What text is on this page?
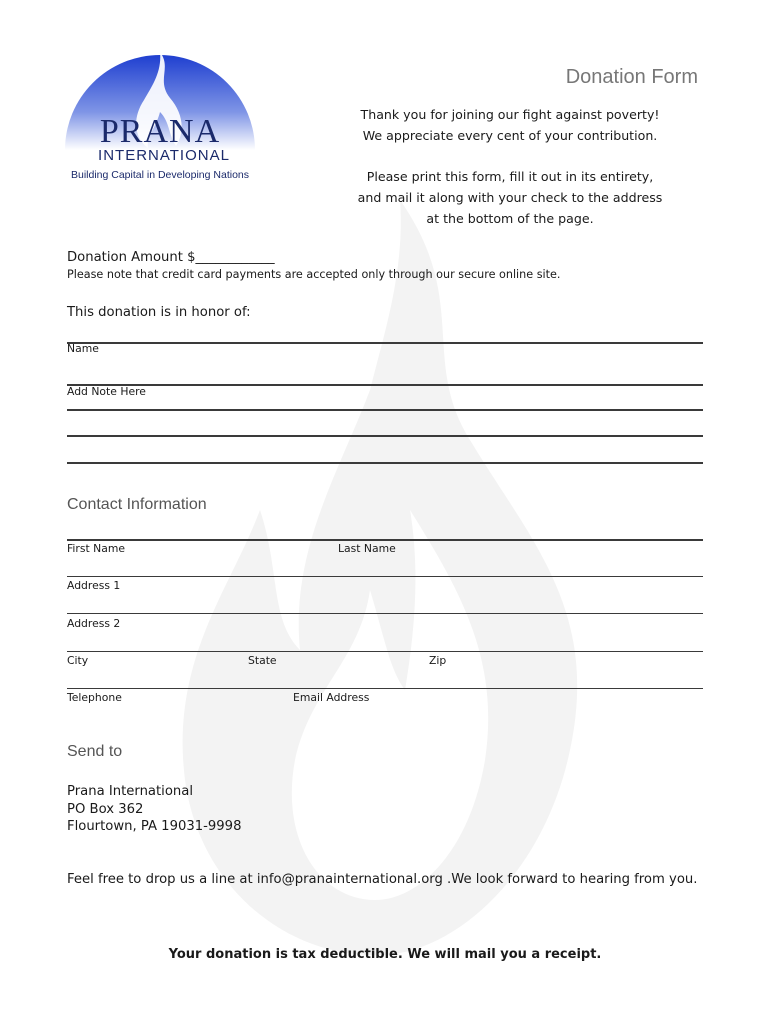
PRANA
INTERNATIONAL
Building Capital in Developing Nations
Donation Form
Thank you for joining our fight against poverty!
We appreciate every cent of your contribution.
Please print this form, fill it out in its entirety,
and mail it along with your check to the address
at the bottom of the page.
Donation Amount $____________
Please note that credit card payments are accepted only through our secure online site.
This donation is in honor of:
Name
Add Note Here
Contact Information
First Name	Last Name
Address 1
Address 2
City	State	Zip
Telephone	Email Address
Send to
Prana International
PO Box 362
Flourtown, PA 19031-9998
Feel free to drop us a line at info@pranainternational.org .We look forward to hearing from you.
Your donation is tax deductible. We will mail you a receipt.
